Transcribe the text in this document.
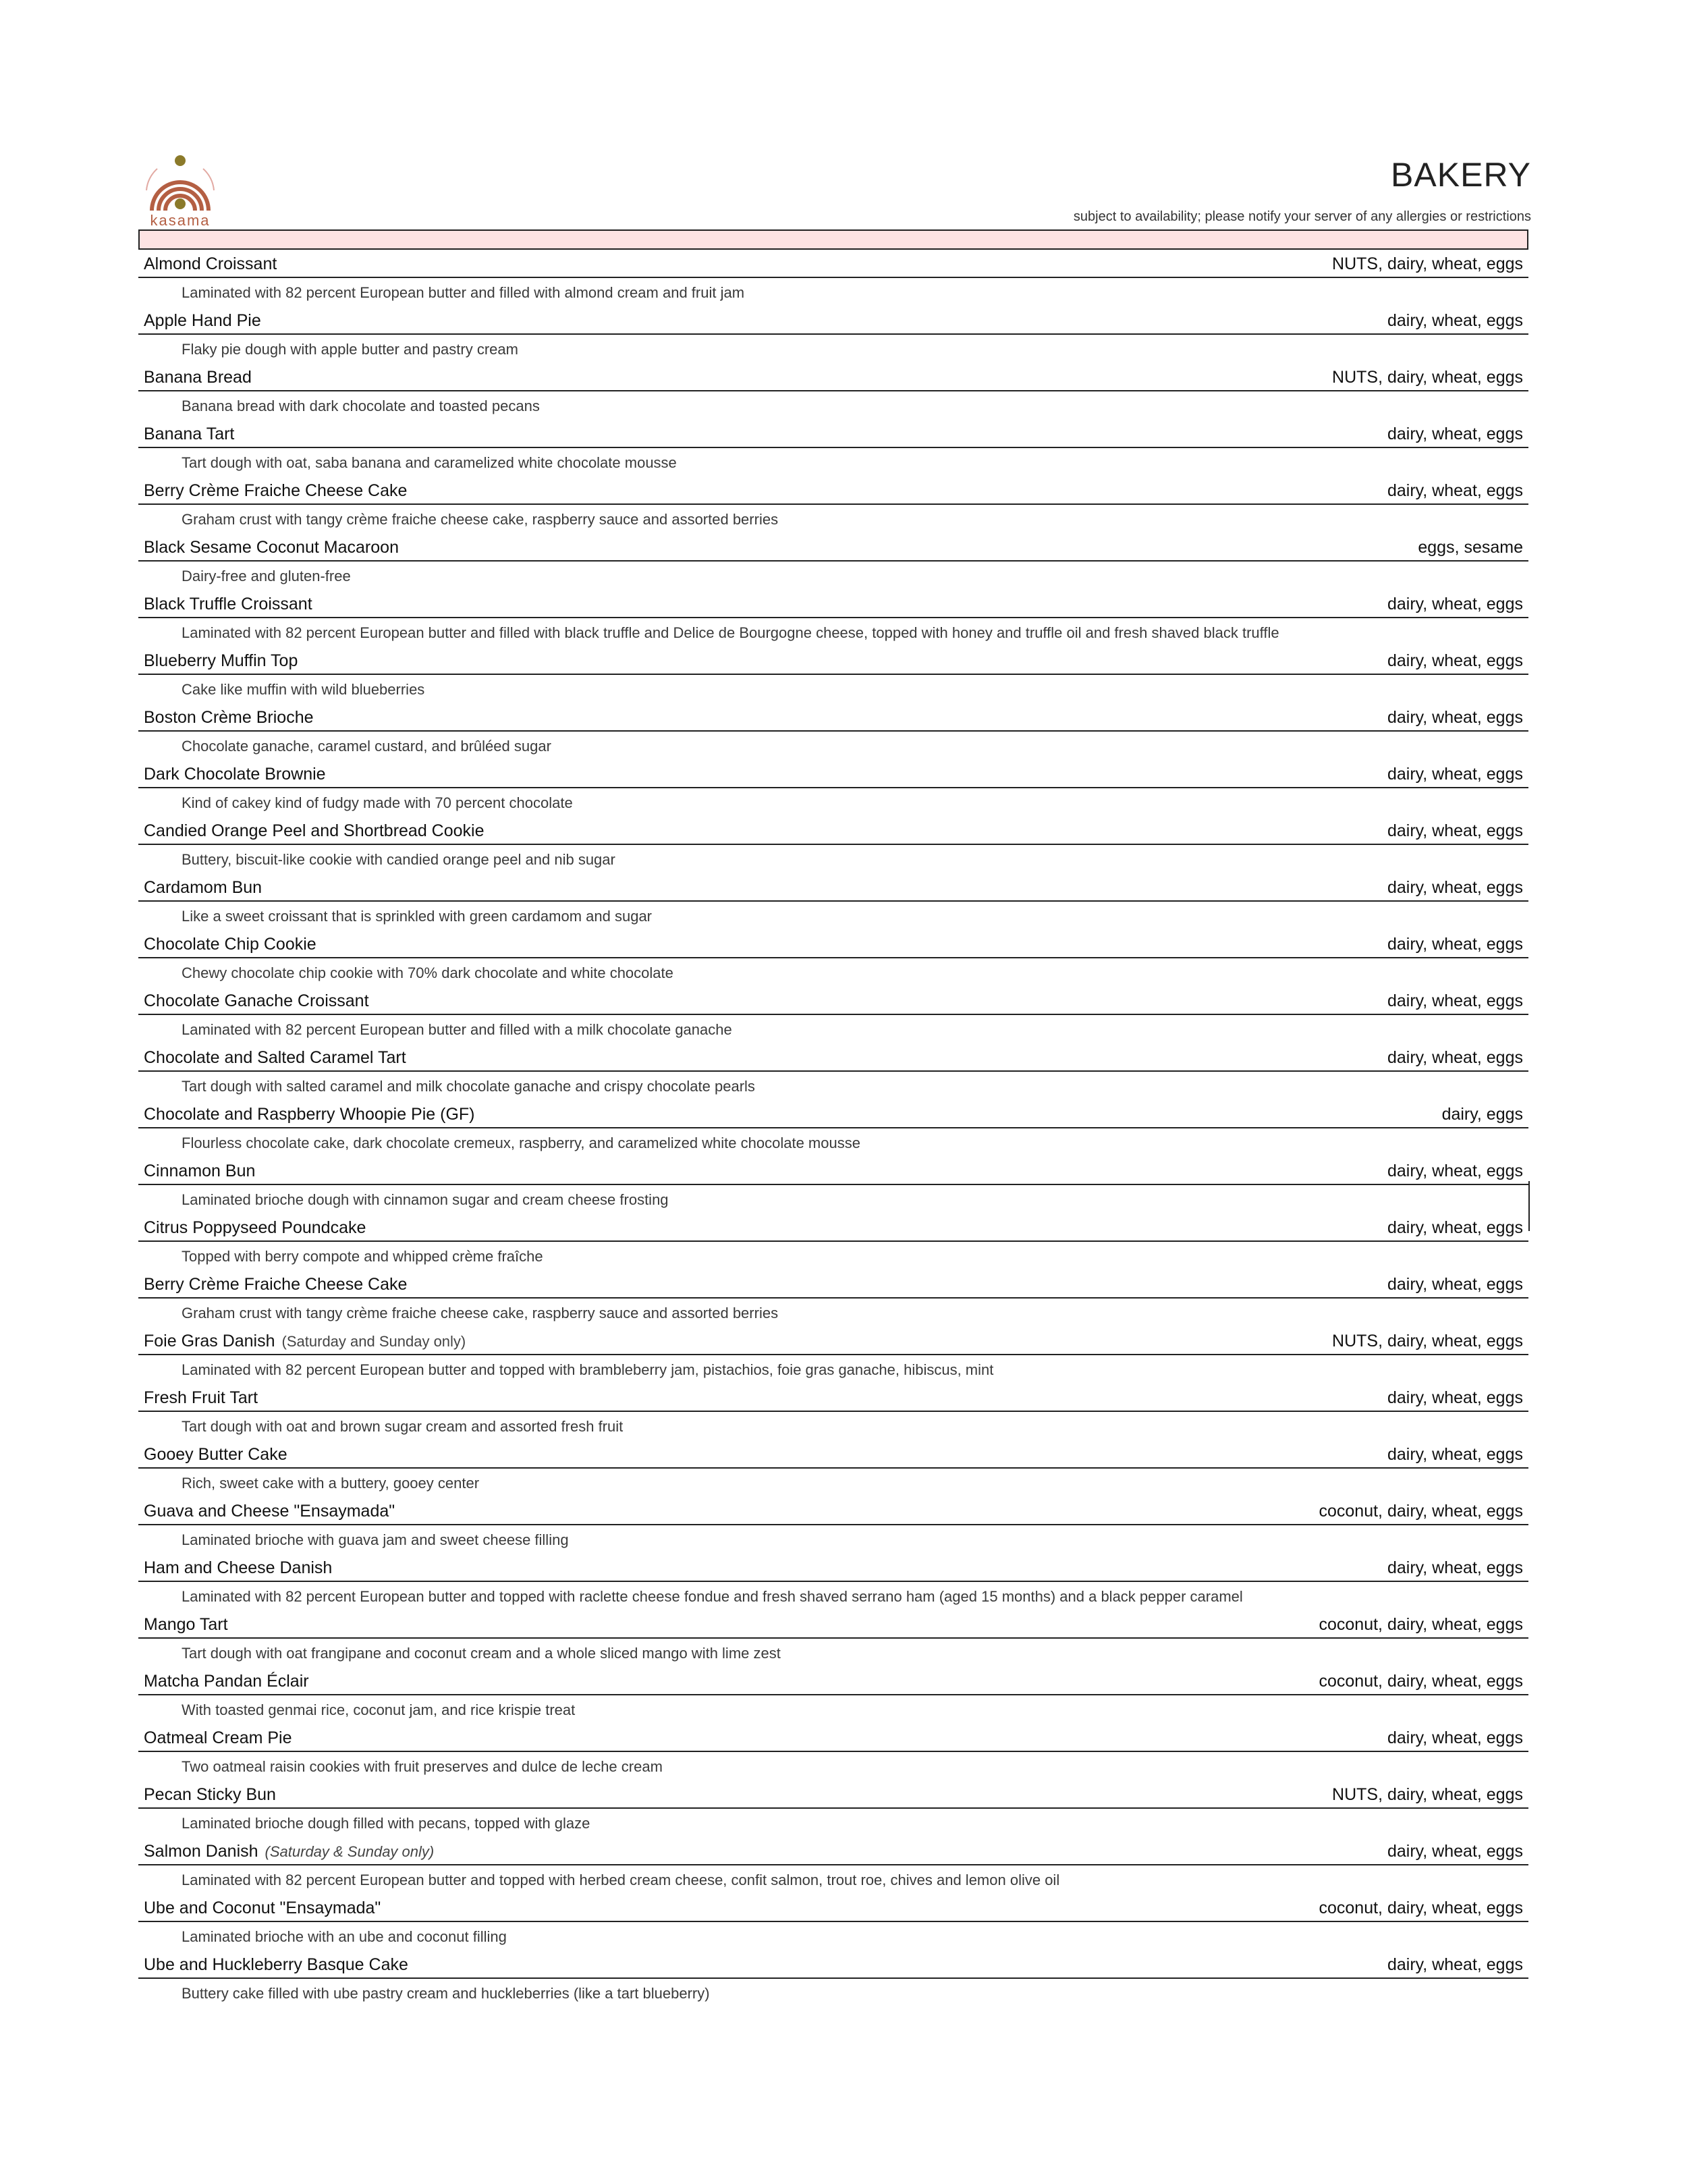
kasama
BAKERY
subject to availability; please notify your server of any allergies or restrictions
Almond Croissant	NUTS, dairy, wheat, eggs
Laminated with 82 percent European butter and filled with almond cream and fruit jam
Apple Hand Pie	dairy, wheat, eggs
Flaky pie dough with apple butter and pastry cream
Banana Bread	NUTS, dairy, wheat, eggs
Banana bread with dark chocolate and toasted pecans
Banana Tart	dairy, wheat, eggs
Tart dough with oat, saba banana and caramelized white chocolate mousse
Berry Crème Fraiche Cheese Cake	dairy, wheat, eggs
Graham crust with tangy crème fraiche cheese cake, raspberry sauce and assorted berries
Black Sesame Coconut Macaroon	eggs, sesame
Dairy-free and gluten-free
Black Truffle Croissant	dairy, wheat, eggs
Laminated with 82 percent European butter and filled with black truffle and Delice de Bourgogne cheese, topped with honey and truffle oil and fresh shaved black truffle
Blueberry Muffin Top	dairy, wheat, eggs
Cake like muffin with wild blueberries
Boston Crème Brioche	dairy, wheat, eggs
Chocolate ganache, caramel custard, and brûléed sugar
Dark Chocolate Brownie	dairy, wheat, eggs
Kind of cakey kind of fudgy made with 70 percent chocolate
Candied Orange Peel and Shortbread Cookie	dairy, wheat, eggs
Buttery, biscuit-like cookie with candied orange peel and nib sugar
Cardamom Bun	dairy, wheat, eggs
Like a sweet croissant that is sprinkled with green cardamom and sugar
Chocolate Chip Cookie	dairy, wheat, eggs
Chewy chocolate chip cookie with 70% dark chocolate and white chocolate
Chocolate Ganache Croissant	dairy, wheat, eggs
Laminated with 82 percent European butter and filled with a milk chocolate ganache
Chocolate and Salted Caramel Tart	dairy, wheat, eggs
Tart dough with salted caramel and milk chocolate ganache and crispy chocolate pearls
Chocolate and Raspberry Whoopie Pie (GF)	dairy, eggs
Flourless chocolate cake, dark chocolate cremeux, raspberry, and caramelized white chocolate mousse
Cinnamon Bun	dairy, wheat, eggs
Laminated brioche dough with cinnamon sugar and cream cheese frosting
Citrus Poppyseed Poundcake	dairy, wheat, eggs
Topped with berry compote and whipped crème fraîche
Berry Crème Fraiche Cheese Cake	dairy, wheat, eggs
Graham crust with tangy crème fraiche cheese cake, raspberry sauce and assorted berries
Foie Gras Danish (Saturday and Sunday only)	NUTS, dairy, wheat, eggs
Laminated with 82 percent European butter and topped with brambleberry jam, pistachios, foie gras ganache, hibiscus, mint
Fresh Fruit Tart	dairy, wheat, eggs
Tart dough with oat and brown sugar cream and assorted fresh fruit
Gooey Butter Cake	dairy, wheat, eggs
Rich, sweet cake with a buttery, gooey center
Guava and Cheese "Ensaymada"	coconut, dairy, wheat, eggs
Laminated brioche with guava jam and sweet cheese filling
Ham and Cheese Danish	dairy, wheat, eggs
Laminated with 82 percent European butter and topped with raclette cheese fondue and fresh shaved serrano ham (aged 15 months) and a black pepper caramel
Mango Tart	coconut, dairy, wheat, eggs
Tart dough with oat frangipane and coconut cream and a whole sliced mango with lime zest
Matcha Pandan Éclair	coconut, dairy, wheat, eggs
With toasted genmai rice, coconut jam, and rice krispie treat
Oatmeal Cream Pie	dairy, wheat, eggs
Two oatmeal raisin cookies with fruit preserves and dulce de leche cream
Pecan Sticky Bun	NUTS, dairy, wheat, eggs
Laminated brioche dough filled with pecans, topped with glaze
Salmon Danish (Saturday & Sunday only)	dairy, wheat, eggs
Laminated with 82 percent European butter and topped with herbed cream cheese, confit salmon, trout roe, chives and lemon olive oil
Ube and Coconut "Ensaymada"	coconut, dairy, wheat, eggs
Laminated brioche with an ube and coconut filling
Ube and Huckleberry Basque Cake	dairy, wheat, eggs
Buttery cake filled with ube pastry cream and huckleberries (like a tart blueberry)
